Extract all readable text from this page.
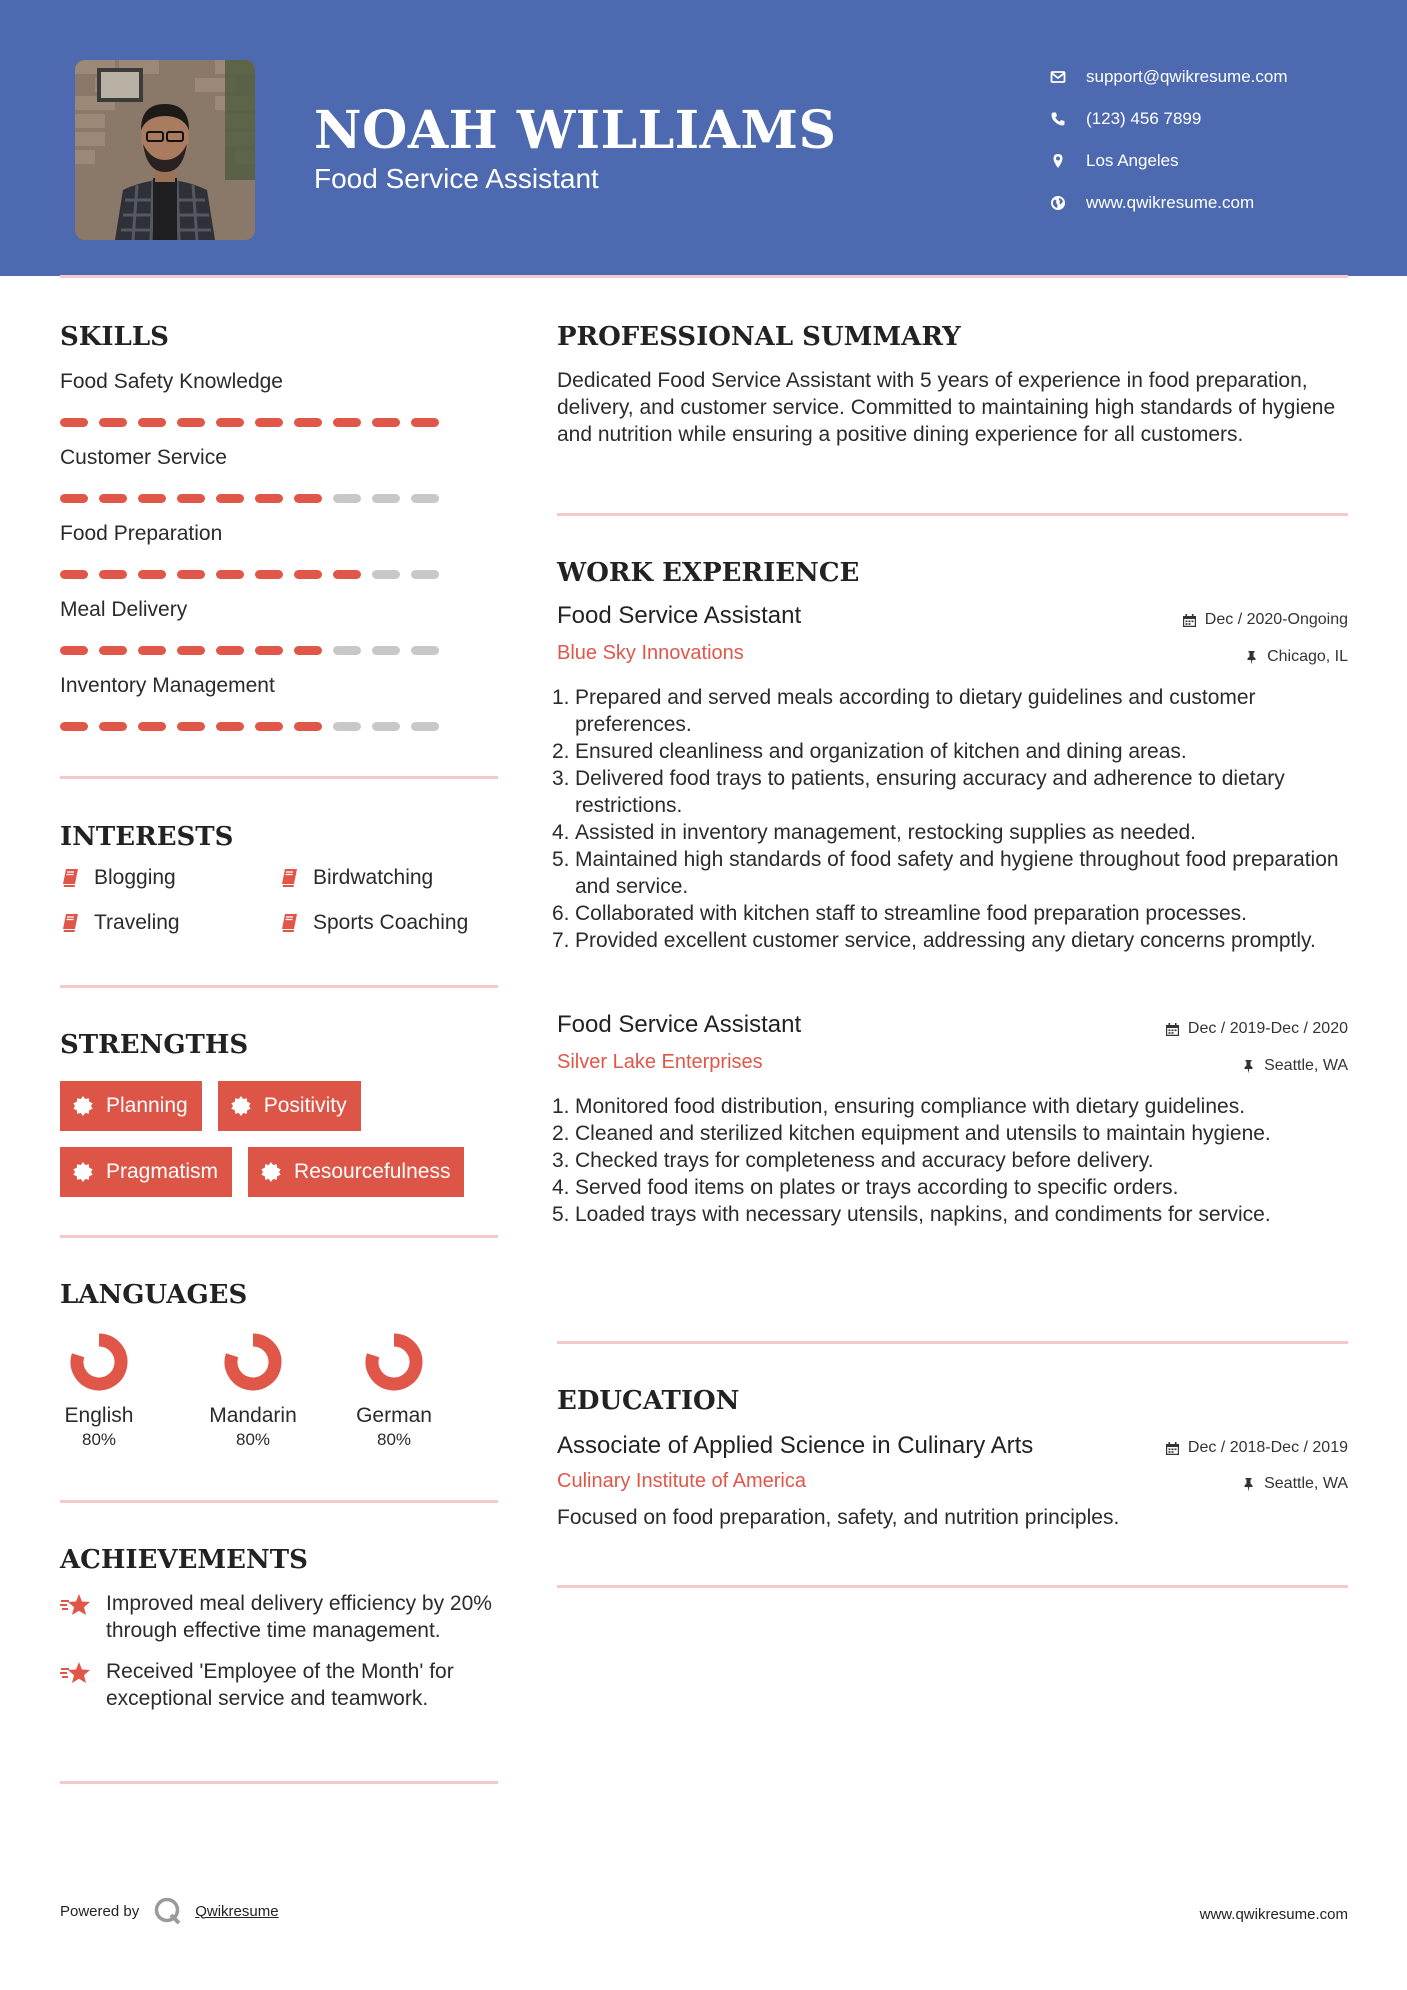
NOAH WILLIAMS
Food Service Assistant
support@qwikresume.com
(123) 456 7899
Los Angeles
www.qwikresume.com
SKILLS
Food Safety Knowledge
Customer Service
Food Preparation
Meal Delivery
Inventory Management
INTERESTS
Blogging	Birdwatching
Traveling	Sports Coaching
STRENGTHS
Planning	Positivity
Pragmatism	Resourcefulness
LANGUAGES
English
80%
Mandarin
80%
German
80%
ACHIEVEMENTS
Improved meal delivery efficiency by 20% through effective time management.
Received 'Employee of the Month' for exceptional service and teamwork.
PROFESSIONAL SUMMARY
Dedicated Food Service Assistant with 5 years of experience in food preparation, delivery, and customer service. Committed to maintaining high standards of hygiene and nutrition while ensuring a positive dining experience for all customers.
WORK EXPERIENCE
Food Service Assistant	Dec / 2020-Ongoing
Blue Sky Innovations	Chicago, IL
1. Prepared and served meals according to dietary guidelines and customer preferences.
2. Ensured cleanliness and organization of kitchen and dining areas.
3. Delivered food trays to patients, ensuring accuracy and adherence to dietary restrictions.
4. Assisted in inventory management, restocking supplies as needed.
5. Maintained high standards of food safety and hygiene throughout food preparation and service.
6. Collaborated with kitchen staff to streamline food preparation processes.
7. Provided excellent customer service, addressing any dietary concerns promptly.
Food Service Assistant	Dec / 2019-Dec / 2020
Silver Lake Enterprises	Seattle, WA
1. Monitored food distribution, ensuring compliance with dietary guidelines.
2. Cleaned and sterilized kitchen equipment and utensils to maintain hygiene.
3. Checked trays for completeness and accuracy before delivery.
4. Served food items on plates or trays according to specific orders.
5. Loaded trays with necessary utensils, napkins, and condiments for service.
EDUCATION
Associate of Applied Science in Culinary Arts	Dec / 2018-Dec / 2019
Culinary Institute of America	Seattle, WA
Focused on food preparation, safety, and nutrition principles.
Powered by	Qwikresume	www.qwikresume.com
